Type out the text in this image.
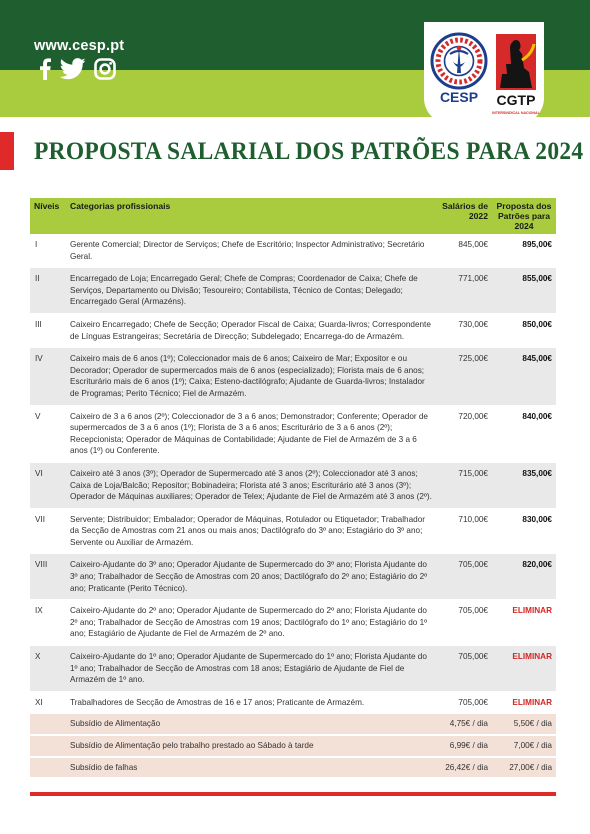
www.cesp.pt
CESP CGTP
INTERSINDICAL NACIONAL
PROPOSTA SALARIAL DOS PATRÕES PARA 2024
Níveis	Categorias profissionais	Salários de 2022	Proposta dos Patrões para 2024
I	Gerente Comercial; Director de Serviços; Chefe de Escritório; Inspector Administrativo; Secretário Geral.	845,00€	895,00€
II	Encarregado de Loja; Encarregado Geral; Chefe de Compras; Coordenador de Caixa; Chefe de Serviços, Departamento ou Divisão; Tesoureiro; Contabilista, Técnico de Contas; Delegado; Encarregado Geral (Armazéns).	771,00€	855,00€
III	Caixeiro Encarregado; Chefe de Secção; Operador Fiscal de Caixa; Guarda-livros; Correspondente de Línguas Estrangeiras; Secretária de Direcção; Subdelegado; Encarrega-do de Armazém.	730,00€	850,00€
IV	Caixeiro mais de 6 anos (1º); Coleccionador mais de 6 anos; Caixeiro de Mar; Expositor e ou Decorador; Operador de supermercados mais de 6 anos (especializado); Florista mais de 6 anos; Escriturário mais de 6 anos (1º); Caixa; Esteno-dactilógrafo; Ajudante de Guarda-livros; Instalador de Programas; Perito Técnico; Fiel de Armazém.	725,00€	845,00€
V	Caixeiro de 3 a 6 anos (2º); Coleccionador de 3 a 6 anos; Demonstrador; Conferente; Operador de supermercados de 3 a 6 anos (1º); Florista de 3 a 6 anos; Escriturário de 3 a 6 anos (2º); Recepcionista; Operador de Máquinas de Contabilidade; Ajudante de Fiel de Armazém de 3 a 6 anos (1º) ou Conferente.	720,00€	840,00€
VI	Caixeiro até 3 anos (3º); Operador de Supermercado até 3 anos (2º); Coleccionador até 3 anos; Caixa de Loja/Balcão; Repositor; Bobinadeira; Florista até 3 anos; Escriturário até 3 anos (3º); Operador de Máquinas auxiliares; Operador de Telex; Ajudante de Fiel de Armazém até 3 anos (2º).	715,00€	835,00€
VII	Servente; Distribuidor; Embalador; Operador de Máquinas, Rotulador ou Etiquetador; Trabalhador da Secção de Amostras com 21 anos ou mais anos; Dactilógrafo do 3º ano; Estagiário do 3º ano; Servente ou Auxiliar de Armazém.	710,00€	830,00€
VIII	Caixeiro-Ajudante do 3º ano; Operador Ajudante de Supermercado do 3º ano; Florista Ajudante do 3º ano; Trabalhador de Secção de Amostras com 20 anos; Dactilógrafo do 2º ano; Estagiário do 2º ano; Praticante (Perito Técnico).	705,00€	820,00€
IX	Caixeiro-Ajudante do 2º ano; Operador Ajudante de Supermercado do 2º ano; Florista Ajudante do 2º ano; Trabalhador de Secção de Amostras com 19 anos; Dactilógrafo do 1º ano; Estagiário do 1º ano; Estagiário de Ajudante de Fiel de Armazém de 2º ano.	705,00€	ELIMINAR
X	Caixeiro-Ajudante do 1º ano; Operador Ajudante de Supermercado do 1º ano; Florista Ajudante do 1º ano; Trabalhador de Secção de Amostras com 18 anos; Estagiário de Ajudante de Fiel de Armazém de 1º ano.	705,00€	ELIMINAR
XI	Trabalhadores de Secção de Amostras de 16 e 17 anos; Praticante de Armazém.	705,00€	ELIMINAR
	Subsídio de Alimentação	4,75€ / dia	5,50€ / dia
	Subsídio de Alimentação pelo trabalho prestado ao Sábado à tarde	6,99€ / dia	7,00€ / dia
	Subsídio de falhas	26,42€ / dia	27,00€ / dia
